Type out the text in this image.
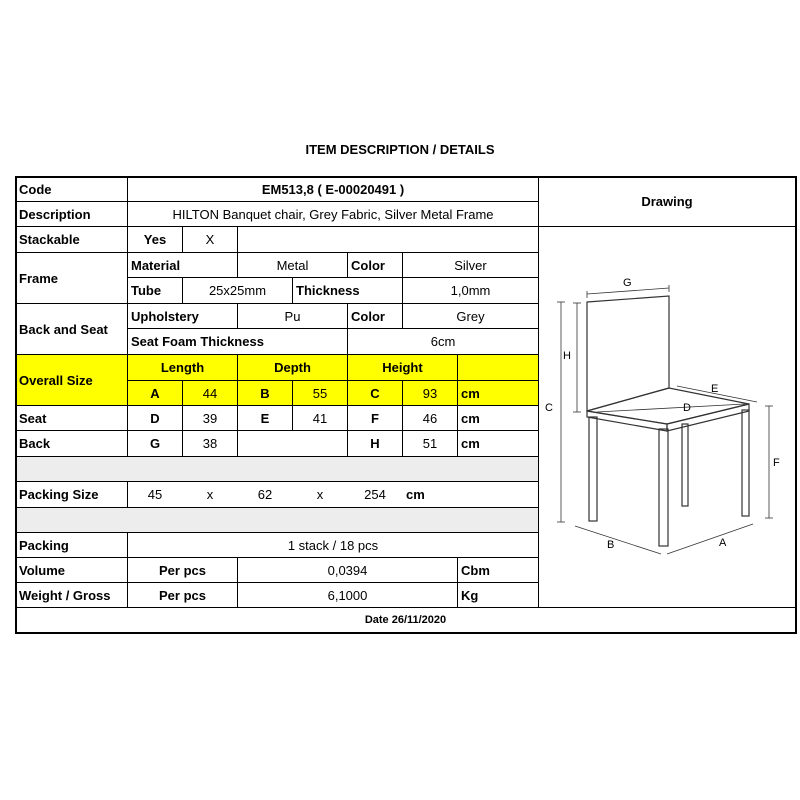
ITEM DESCRIPTION / DETAILS
Code	EM513,8 ( E-00020491 )
Description	HILTON Banquet chair, Grey Fabric, Silver Metal Frame
Stackable	Yes	X
Frame
Material	Metal	Color	Silver
Tube	25x25mm	Thickness	1,0mm
Back and Seat
Upholstery	Pu	Color	Grey
Seat Foam Thickness	6cm
Overall Size
Length	Depth	Height
A	44	B	55	C	93	cm
Seat	D	39	E	41	F	46	cm
Back	G	38	H	51	cm
Packing Size	45	x	62	x	254	cm
Packing	1 stack / 18 pcs
Volume	Per pcs	0,0394	Cbm
Weight / Gross	Per pcs	6,1000	Kg
Drawing
Date 26/11/2020
G
H
C
E
D
F
B	A
